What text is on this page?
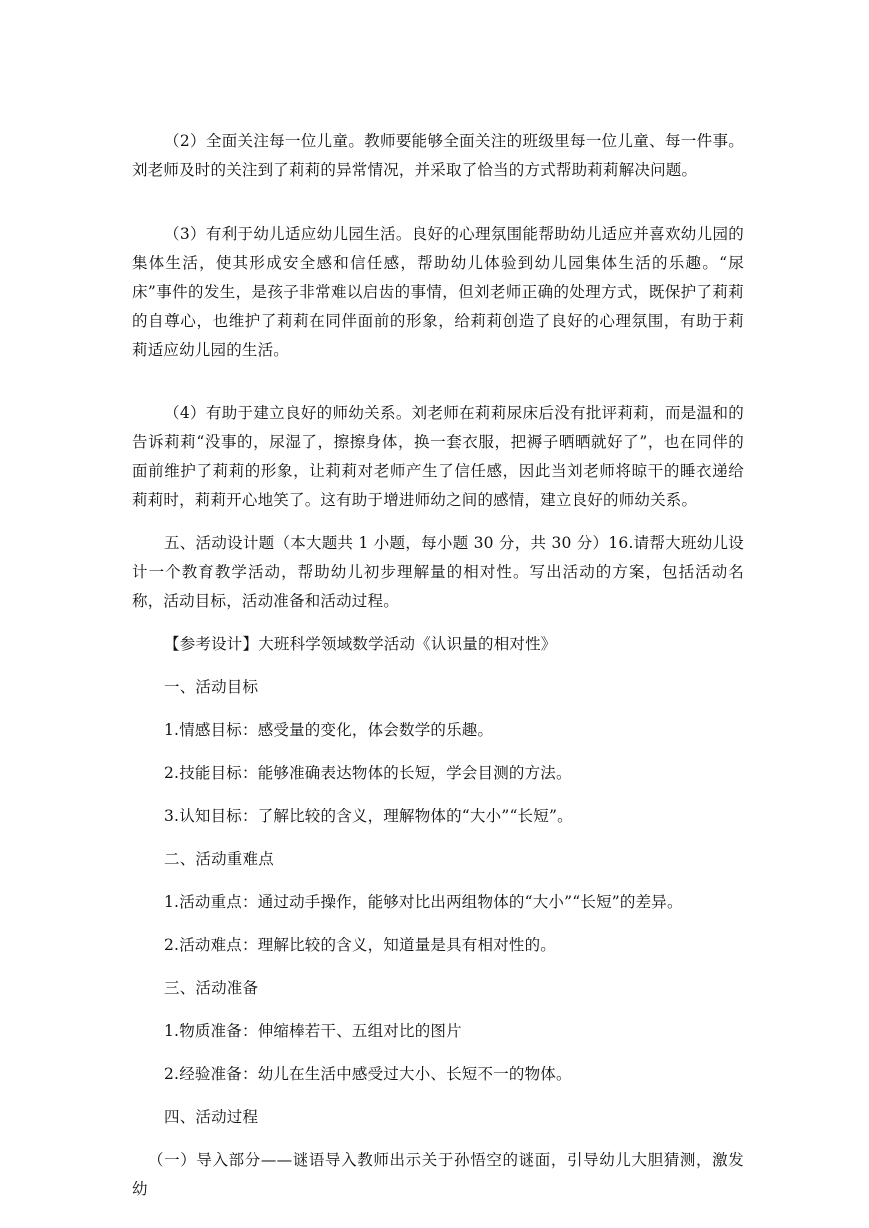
（2）全面关注每一位儿童。教师要能够全面关注的班级里每一位儿童、每一件事。刘老师及时的关注到了莉莉的异常情况，并采取了恰当的方式帮助莉莉解决问题。

（3）有利于幼儿适应幼儿园生活。良好的心理氛围能帮助幼儿适应并喜欢幼儿园的集体生活，使其形成安全感和信任感，帮助幼儿体验到幼儿园集体生活的乐趣。“尿床”事件的发生，是孩子非常难以启齿的事情，但刘老师正确的处理方式，既保护了莉莉的自尊心，也维护了莉莉在同伴面前的形象，给莉莉创造了良好的心理氛围，有助于莉莉适应幼儿园的生活。

（4）有助于建立良好的师幼关系。刘老师在莉莉尿床后没有批评莉莉，而是温和的告诉莉莉“没事的，尿湿了，擦擦身体，换一套衣服，把褥子晒晒就好了”，也在同伴的面前维护了莉莉的形象，让莉莉对老师产生了信任感，因此当刘老师将晾干的睡衣递给莉莉时，莉莉开心地笑了。这有助于增进师幼之间的感情，建立良好的师幼关系。

五、活动设计题（本大题共 1 小题，每小题 30 分，共 30 分）16.请帮大班幼儿设计一个教育教学活动，帮助幼儿初步理解量的相对性。写出活动的方案，包括活动名称，活动目标，活动准备和活动过程。

【参考设计】大班科学领域数学活动《认识量的相对性》

一、活动目标

1.情感目标：感受量的变化，体会数学的乐趣。

2.技能目标：能够准确表达物体的长短，学会目测的方法。

3.认知目标：了解比较的含义，理解物体的“大小”“长短”。

二、活动重难点

1.活动重点：通过动手操作，能够对比出两组物体的“大小”“长短”的差异。

2.活动难点：理解比较的含义，知道量是具有相对性的。

三、活动准备

1.物质准备：伸缩棒若干、五组对比的图片

2.经验准备：幼儿在生活中感受过大小、长短不一的物体。

四、活动过程

（一）导入部分——谜语导入教师出示关于孙悟空的谜面，引导幼儿大胆猜测，激发幼
